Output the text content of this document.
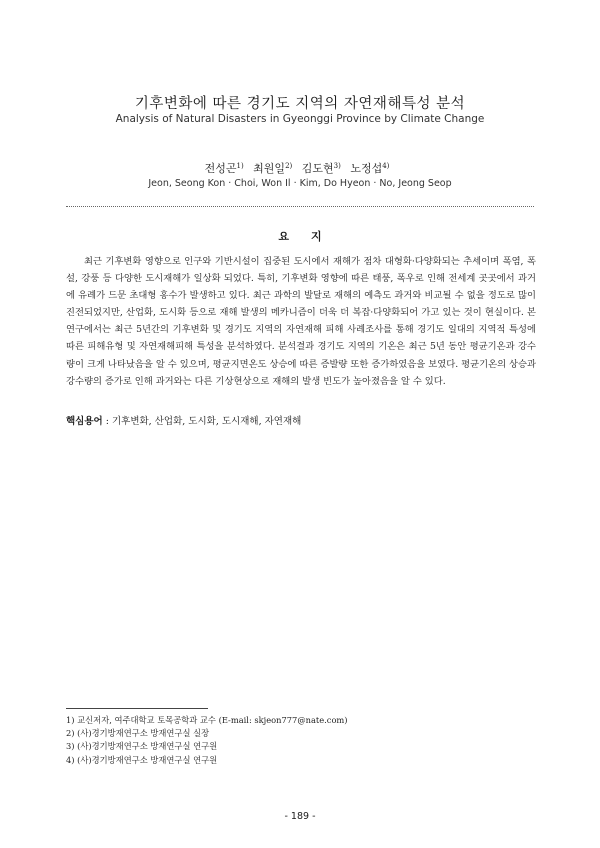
기후변화에 따른 경기도 지역의 자연재해특성 분석
Analysis of Natural Disasters in Gyeonggi Province by Climate Change
전성곤$^{1)}$ 최원일$^{2)}$ 김도현$^{3)}$ 노정섭$^{4)}$
Jeon, Seong Kon · Choi, Won Il · Kim, Do Hyeon · No, Jeong Seop
요지

최근 기후변화 영향으로 인구와 기반시설이 집중된 도시에서 재해가 점차 대형화·다양화되는 추세이며 폭염, 폭설, 강풍 등 다양한 도시재해가 일상화 되었다. 특히, 기후변화 영향에 따른 태풍, 폭우로 인해 전세계 곳곳에서 과거에 유례가 드문 초대형 홍수가 발생하고 있다. 최근 과학의 발달로 재해의 예측도 과거와 비교될 수 없을 정도로 많이 진전되었지만, 산업화, 도시화 등으로 재해 발생의 메카니즘이 더욱 더 복잡·다양화되어 가고 있는 것이 현실이다. 본 연구에서는 최근 5년간의 기후변화 및 경기도 지역의 자연재해 피해 사례조사를 통해 경기도 일대의 지역적 특성에 따른 피해유형 및 자연재해피해 특성을 분석하였다. 분석결과 경기도 지역의 기온은 최근 5년 동안 평균기온과 강수량이 크게 나타났음을 알 수 있으며, 평균지면온도 상승에 따른 증발량 또한 증가하였음을 보였다. 평균기온의 상승과 강수량의 증가로 인해 과거와는 다른 기상현상으로 재해의 발생 빈도가 높아졌음을 알 수 있다.

핵심용어 : 기후변화, 산업화, 도시화, 도시재해, 자연재해
1) 교신저자, 여주대학교 토목공학과 교수 (E-mail: skjeon777@nate.com)
2) (사)경기방재연구소 방재연구실 실장
3) (사)경기방재연구소 방재연구실 연구원
4) (사)경기방재연구소 방재연구실 연구원
- 189 -
